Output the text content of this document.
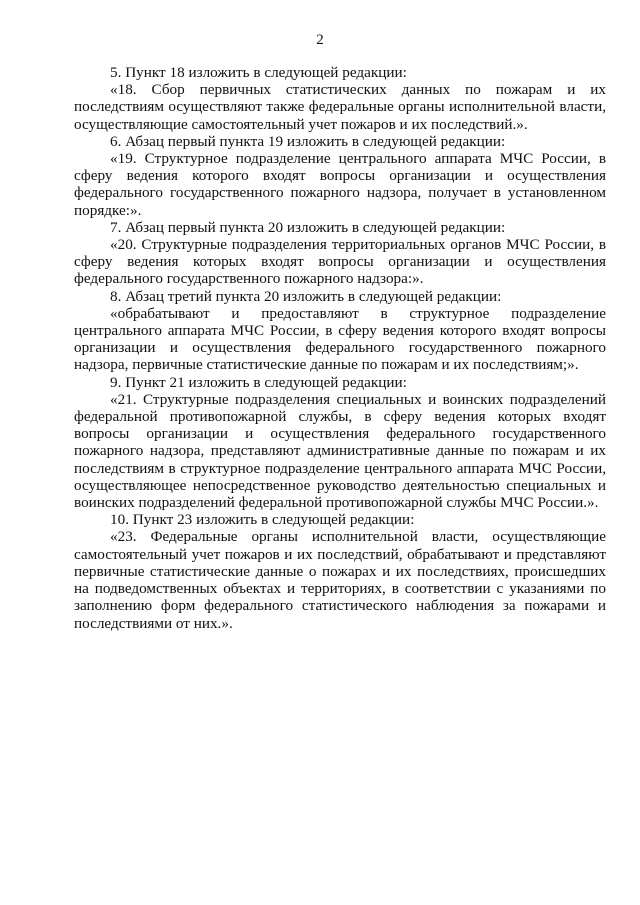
2

5. Пункт 18 изложить в следующей редакции:

«18. Сбор первичных статистических данных по пожарам и их последствиям осуществляют также федеральные органы исполнительной власти, осуществляющие самостоятельный учет пожаров и их последствий.».

6. Абзац первый пункта 19 изложить в следующей редакции:

«19. Структурное подразделение центрального аппарата МЧС России, в сферу ведения которого входят вопросы организации и осуществления федерального государственного пожарного надзора, получает в установленном порядке:».

7. Абзац первый пункта 20 изложить в следующей редакции:

«20. Структурные подразделения территориальных органов МЧС России, в сферу ведения которых входят вопросы организации и осуществления федерального государственного пожарного надзора:».

8. Абзац третий пункта 20 изложить в следующей редакции:

«обрабатывают и предоставляют в структурное подразделение центрального аппарата МЧС России, в сферу ведения которого входят вопросы организации и осуществления федерального государственного пожарного надзора, первичные статистические данные по пожарам и их последствиям;».

9. Пункт 21 изложить в следующей редакции:

«21. Структурные подразделения специальных и воинских подразделений федеральной противопожарной службы, в сферу ведения которых входят вопросы организации и осуществления федерального государственного пожарного надзора, представляют административные данные по пожарам и их последствиям в структурное подразделение центрального аппарата МЧС России, осуществляющее непосредственное руководство деятельностью специальных и воинских подразделений федеральной противопожарной службы МЧС России.».

10. Пункт 23 изложить в следующей редакции:

«23. Федеральные органы исполнительной власти, осуществляющие самостоятельный учет пожаров и их последствий, обрабатывают и представляют первичные статистические данные о пожарах и их последствиях, происшедших на подведомственных объектах и территориях, в соответствии с указаниями по заполнению форм федерального статистического наблюдения за пожарами и последствиями от них.».
